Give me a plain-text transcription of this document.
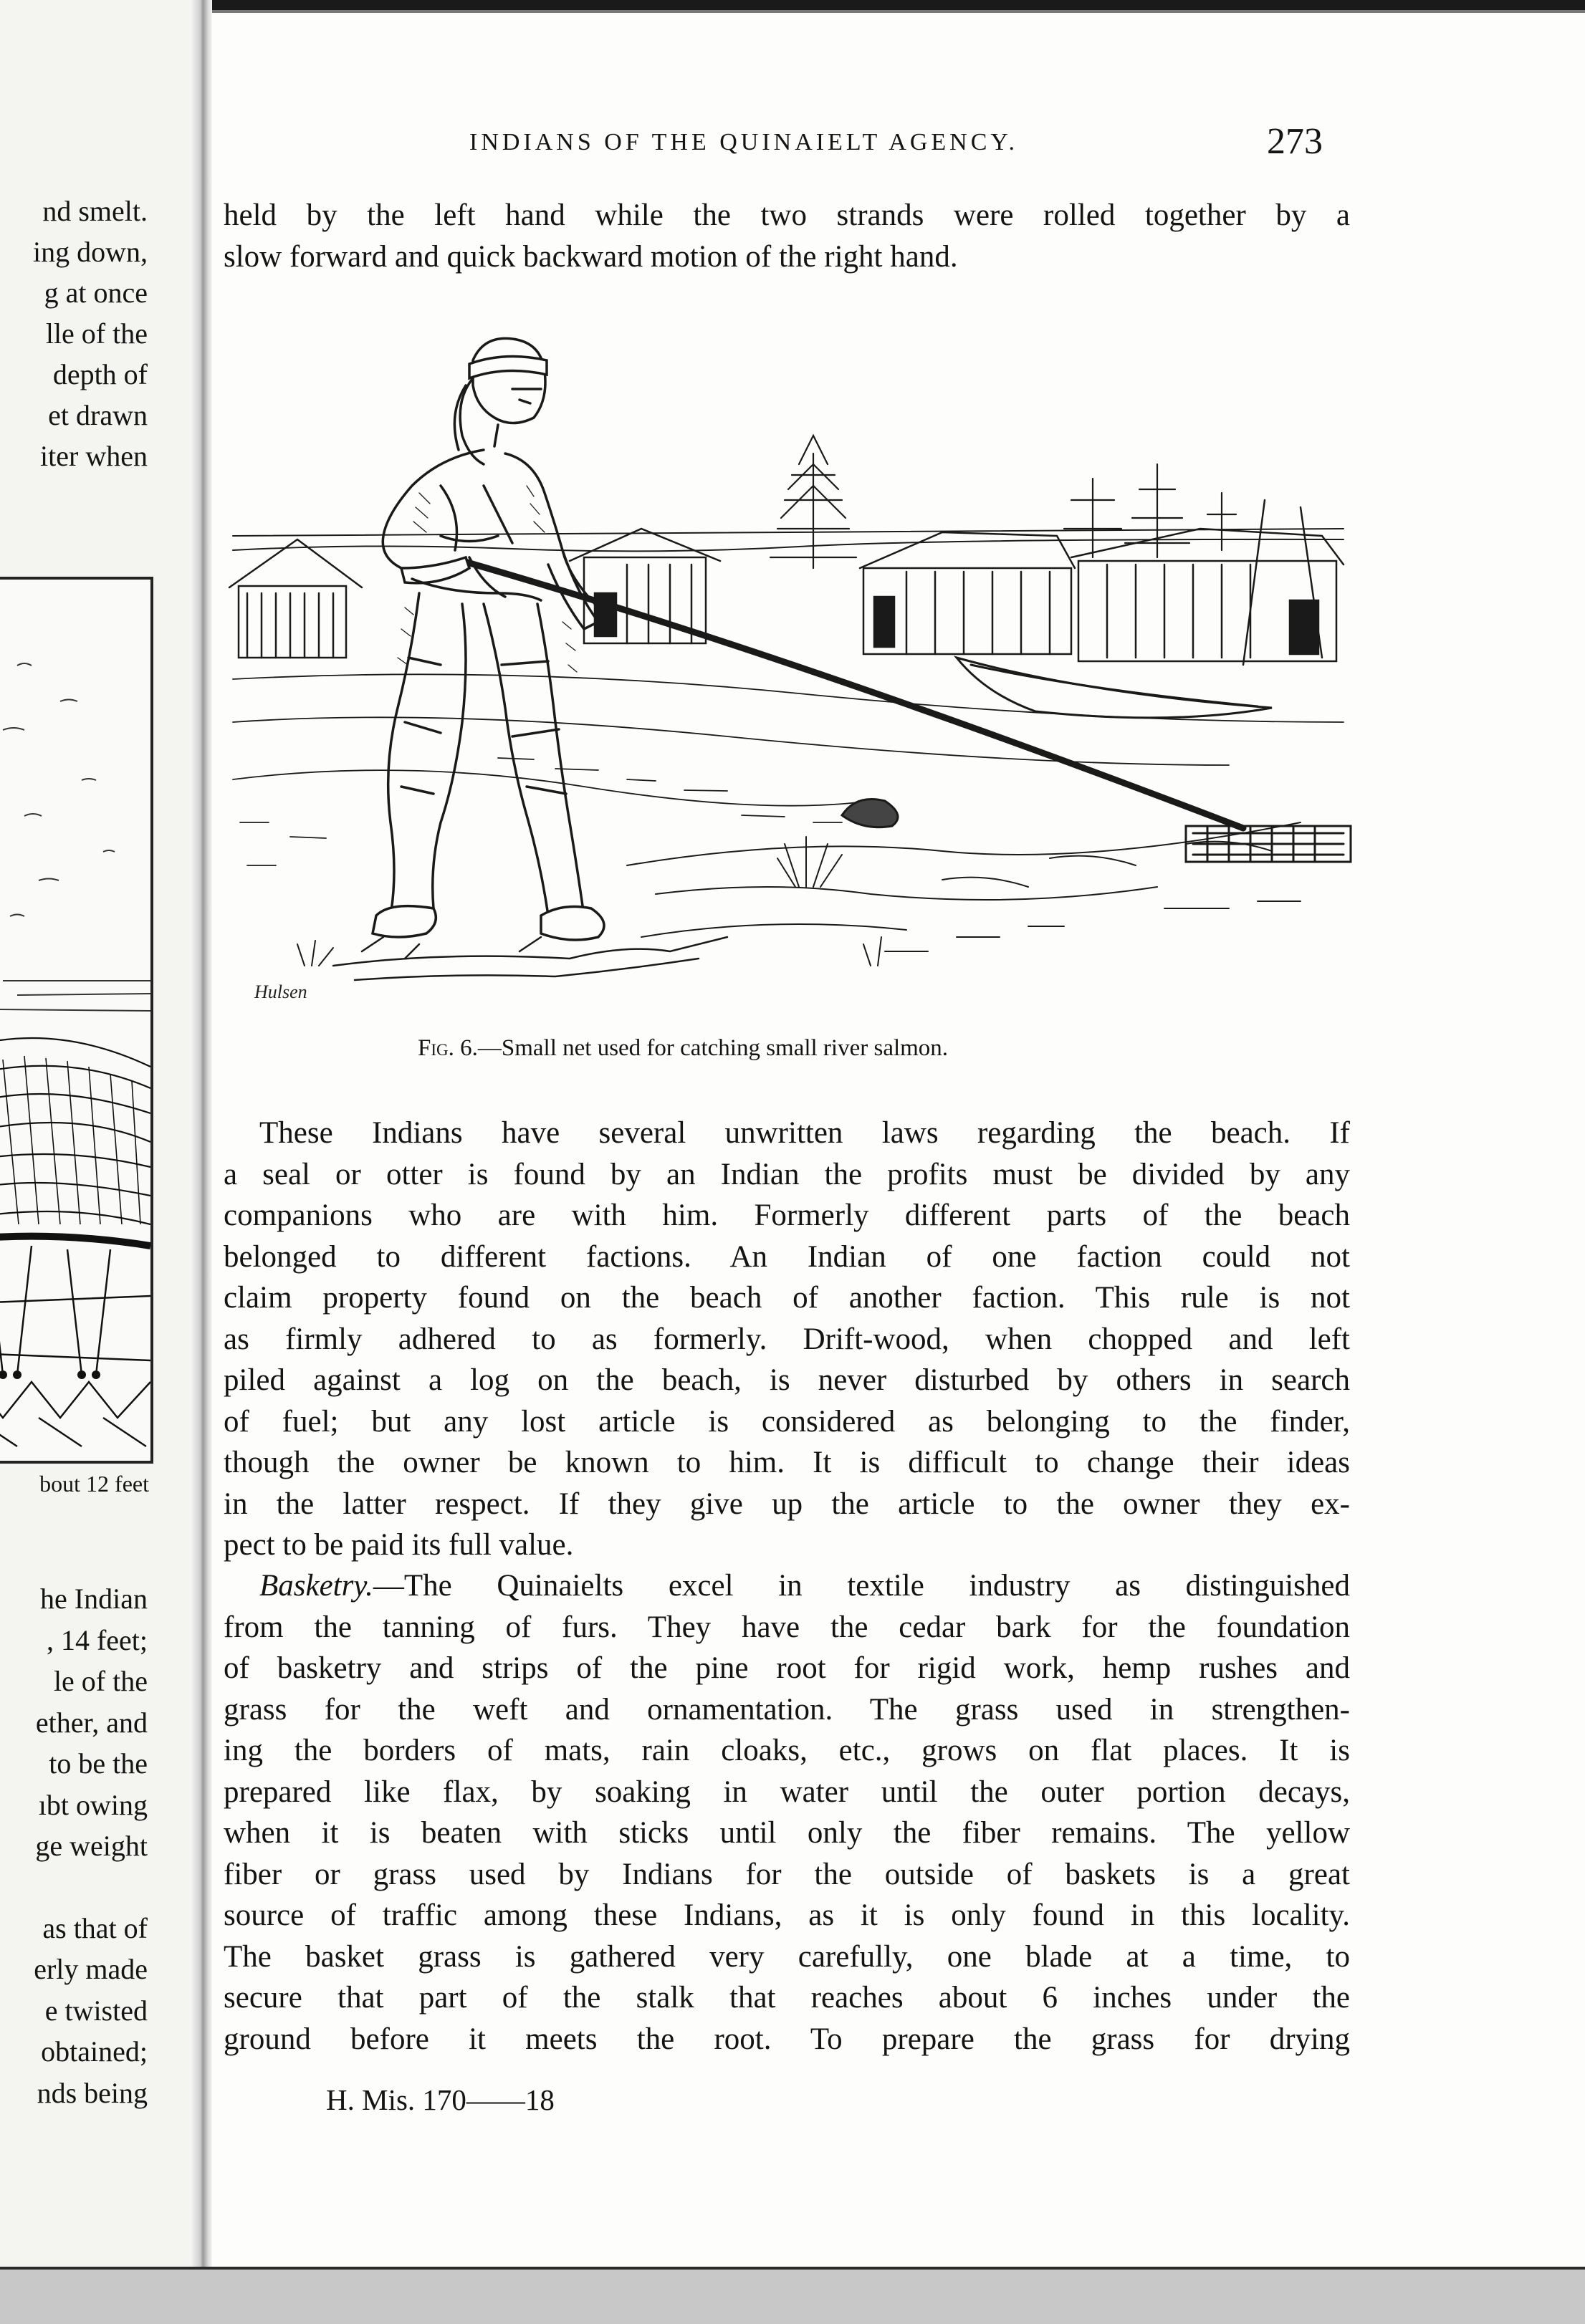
nd smelt.
ing down,
g at once
lle of the
depth of
et drawn
iter when
bout 12 feet
he Indian
, 14 feet;
le of the
ether, and
to be the
ıbt owing
ge weight
as that of
erly made
e twisted
obtained;
nds being
INDIANS OF THE QUINAIELT AGENCY.	273
held by the left hand while the two strands were rolled together by a
slow forward and quick backward motion of the right hand.
Hulsen
Fig. 6.—Small net used for catching small river salmon.
These Indians have several unwritten laws regarding the beach. If
a seal or otter is found by an Indian the profits must be divided by any
companions who are with him. Formerly different parts of the beach
belonged to different factions. An Indian of one faction could not
claim property found on the beach of another faction. This rule is not
as firmly adhered to as formerly. Drift-wood, when chopped and left
piled against a log on the beach, is never disturbed by others in search
of fuel; but any lost article is considered as belonging to the finder,
though the owner be known to him. It is difficult to change their ideas
in the latter respect. If they give up the article to the owner they ex-
pect to be paid its full value.
Basketry.—The Quinaielts excel in textile industry as distinguished
from the tanning of furs. They have the cedar bark for the foundation
of basketry and strips of the pine root for rigid work, hemp rushes and
grass for the weft and ornamentation. The grass used in strengthen-
ing the borders of mats, rain cloaks, etc., grows on flat places. It is
prepared like flax, by soaking in water until the outer portion decays,
when it is beaten with sticks until only the fiber remains. The yellow
fiber or grass used by Indians for the outside of baskets is a great
source of traffic among these Indians, as it is only found in this locality.
The basket grass is gathered very carefully, one blade at a time, to
secure that part of the stalk that reaches about 6 inches under the
ground before it meets the root. To prepare the grass for drying
H. Mis. 170——18
